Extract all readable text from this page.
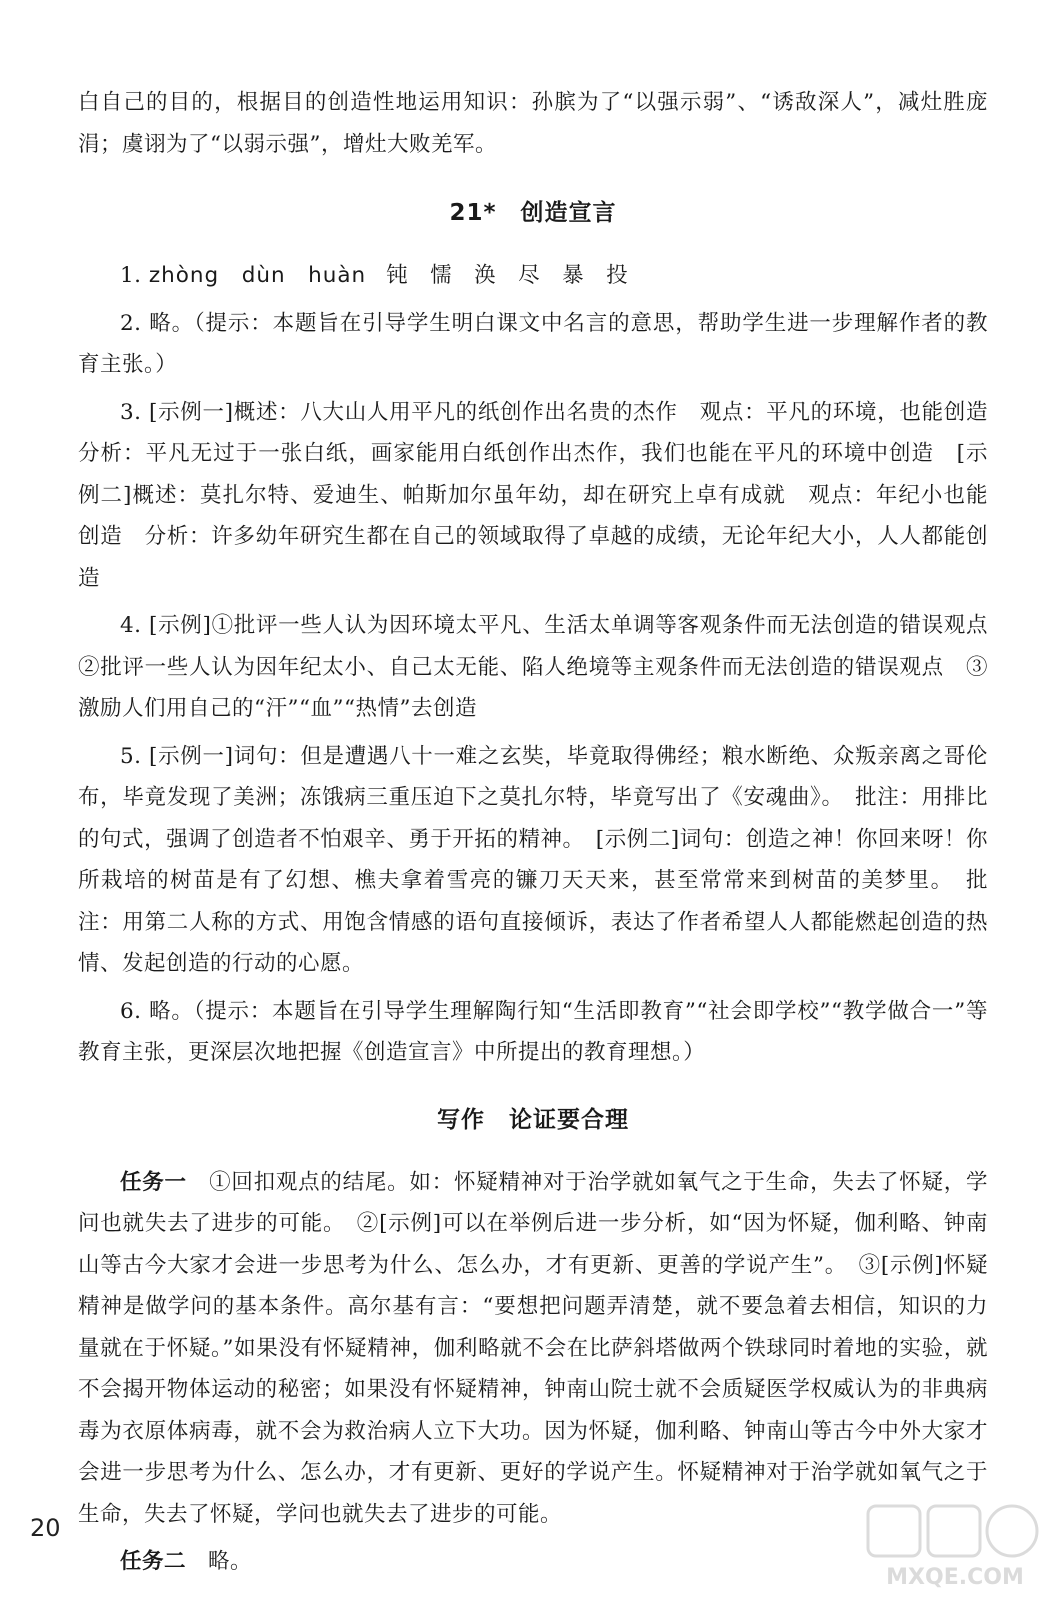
白自己的目的，根据目的创造性地运用知识：孙膑为了“以强示弱”、“诱敌深人”，减灶胜庞涓；虞诩为了“以弱示强”，增灶大败羌军。

21*　创造宣言

1. zhòng　dùn　huàn 钝　懦　涣　尽　暴　投

2. 略。（提示：本题旨在引导学生明白课文中名言的意思，帮助学生进一步理解作者的教育主张。）

3. [示例一]概述：八大山人用平凡的纸创作出名贵的杰作　观点：平凡的环境，也能创造　分析：平凡无过于一张白纸，画家能用白纸创作出杰作，我们也能在平凡的环境中创造　[示例二]概述：莫扎尔特、爱迪生、帕斯加尔虽年幼，却在研究上卓有成就　观点：年纪小也能创造　分析：许多幼年研究生都在自己的领域取得了卓越的成绩，无论年纪大小，人人都能创造

4. [示例]①批评一些人认为因环境太平凡、生活太单调等客观条件而无法创造的错误观点　②批评一些人认为因年纪太小、自己太无能、陷人绝境等主观条件而无法创造的错误观点　③激励人们用自己的“汗”“血”“热情”去创造

5. [示例一]词句：但是遭遇八十一难之玄奘，毕竟取得佛经；粮水断绝、众叛亲离之哥伦布，毕竟发现了美洲；冻饿病三重压迫下之莫扎尔特，毕竟写出了《安魂曲》。　批注：用排比的句式，强调了创造者不怕艰辛、勇于开拓的精神。　[示例二]词句：创造之神！你回来呀！你所栽培的树苗是有了幻想、樵夫拿着雪亮的镰刀天天来，甚至常常来到树苗的美梦里。　批注：用第二人称的方式、用饱含情感的语句直接倾诉，表达了作者希望人人都能燃起创造的热情、发起创造的行动的心愿。

6. 略。（提示：本题旨在引导学生理解陶行知“生活即教育”“社会即学校”“教学做合一”等教育主张，更深层次地把握《创造宣言》中所提出的教育理想。）

写作　论证要合理

任务一　 ①回扣观点的结尾。如：怀疑精神对于治学就如氧气之于生命，失去了怀疑，学问也就失去了进步的可能。　②[示例]可以在举例后进一步分析，如“因为怀疑，伽利略、钟南山等古今大家才会进一步思考为什么、怎么办，才有更新、更善的学说产生”。　③[示例]怀疑精神是做学问的基本条件。高尔基有言：“要想把问题弄清楚，就不要急着去相信，知识的力量就在于怀疑。”如果没有怀疑精神，伽利略就不会在比萨斜塔做两个铁球同时着地的实验，就不会揭开物体运动的秘密；如果没有怀疑精神，钟南山院士就不会质疑医学权威认为的非典病毒为衣原体病毒，就不会为救治病人立下大功。因为怀疑，伽利略、钟南山等古今中外大家才会进一步思考为什么、怎么办，才有更新、更好的学说产生。怀疑精神对于治学就如氧气之于生命，失去了怀疑，学问也就失去了进步的可能。

任务二　 略。

20
MXQE.COM
